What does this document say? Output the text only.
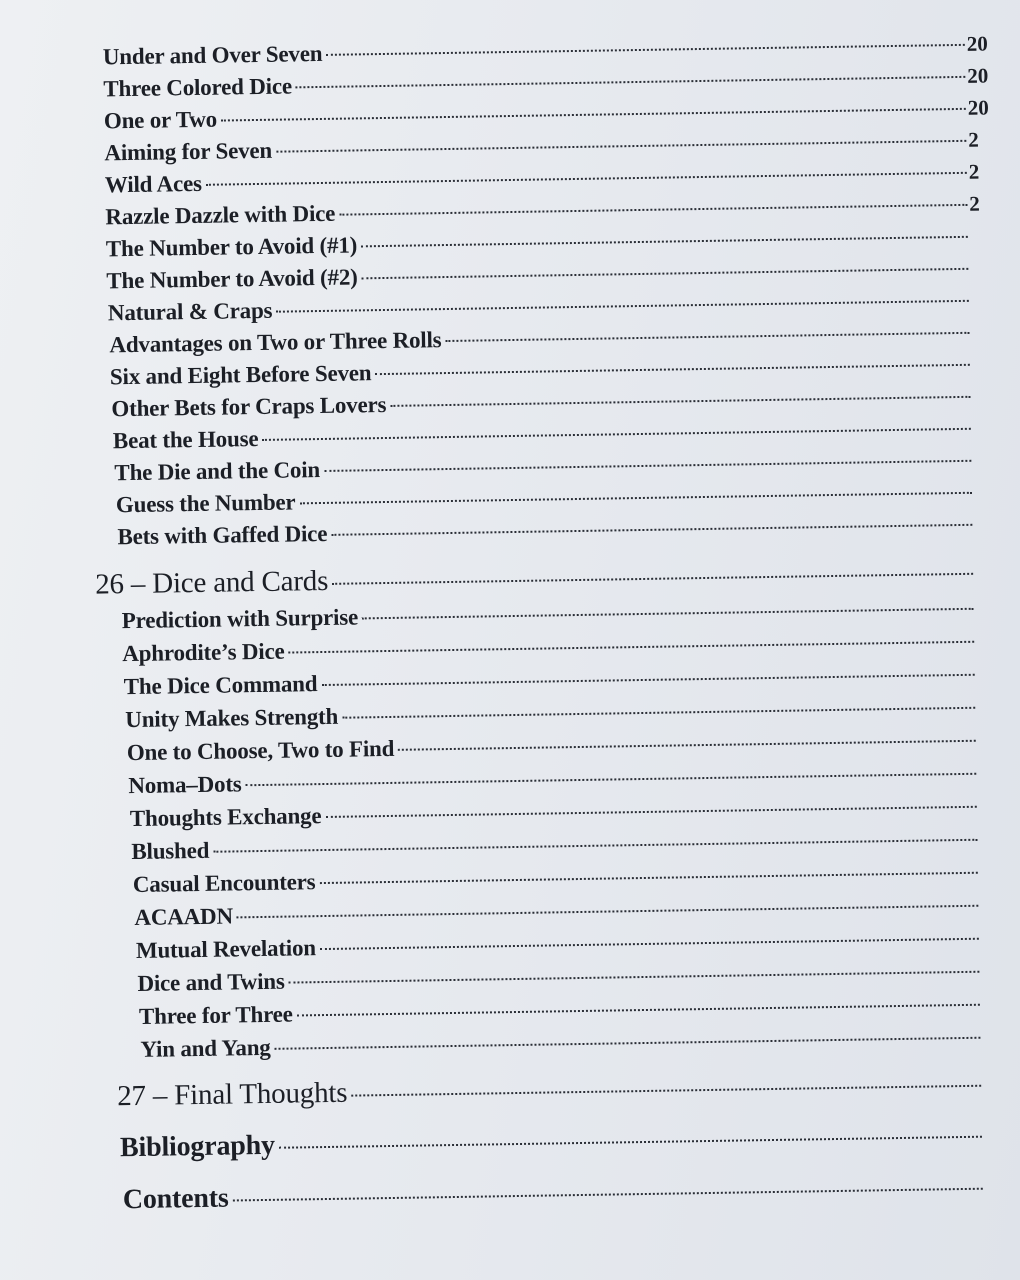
Under and Over Seven	20
Three Colored Dice	20
One or Two	20
Aiming for Seven	2
Wild Aces	2
Razzle Dazzle with Dice	2
The Number to Avoid (#1)
The Number to Avoid (#2)
Natural & Craps
Advantages on Two or Three Rolls
Six and Eight Before Seven
Other Bets for Craps Lovers
Beat the House
The Die and the Coin
Guess the Number
Bets with Gaffed Dice
26 – Dice and Cards
Prediction with Surprise
Aphrodite’s Dice
The Dice Command
Unity Makes Strength
One to Choose, Two to Find
Noma–Dots
Thoughts Exchange
Blushed
Casual Encounters
ACAADN
Mutual Revelation
Dice and Twins
Three for Three
Yin and Yang
27 – Final Thoughts
Bibliography
Contents
